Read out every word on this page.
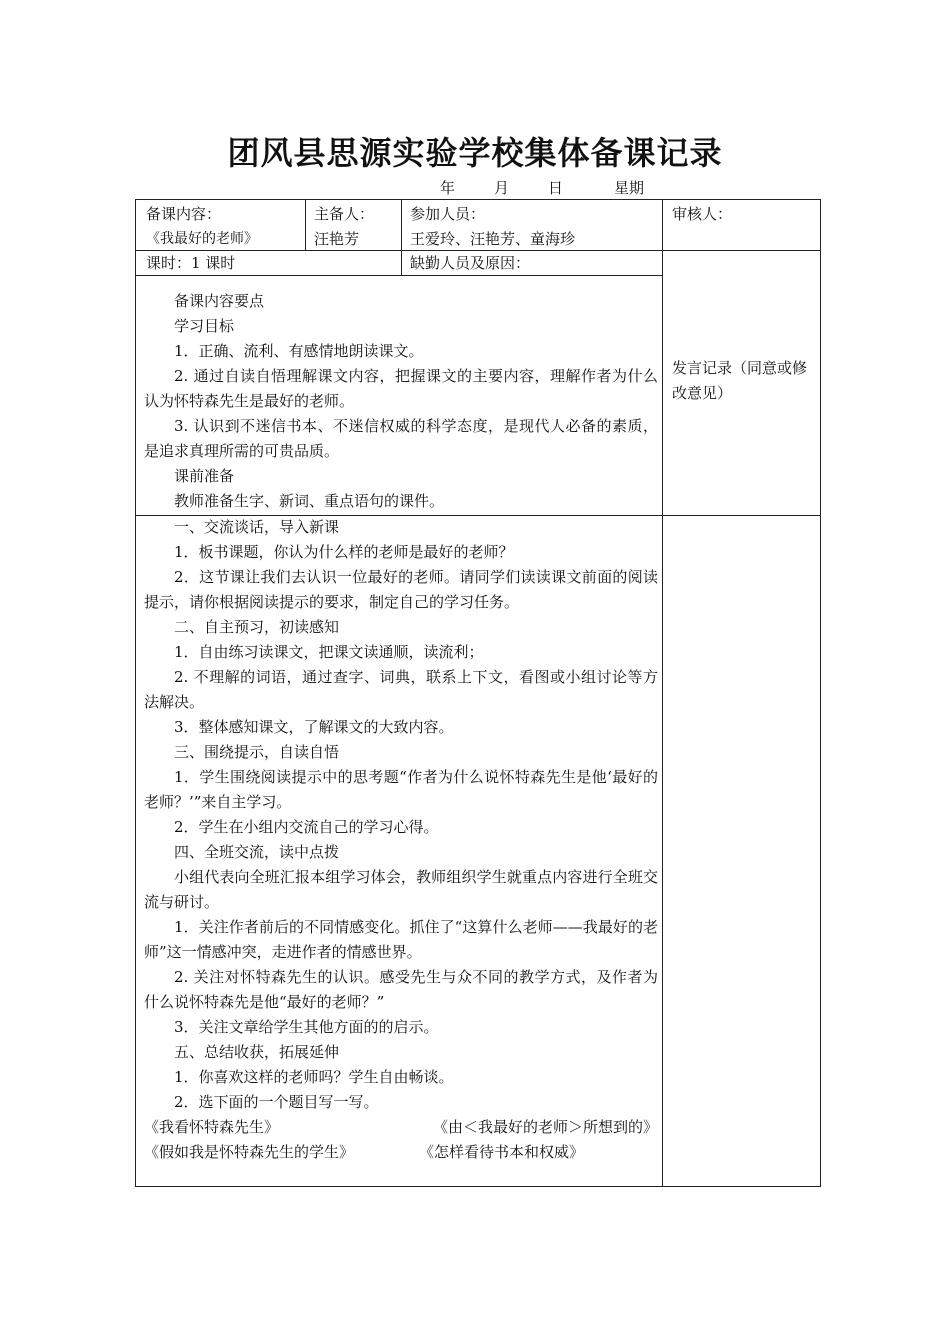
团风县思源实验学校集体备课记录
年	月	日	星期
备课内容：
《我最好的老师》
主备人：
汪艳芳
参加人员：
王爱玲、汪艳芳、童海珍
审核人：
课时：1 课时	缺勤人员及原因：
发言记录（同意或修改意见）

备课内容要点

学习目标

1．正确、流利、有感情地朗读课文。

2. 通过自读自悟理解课文内容，把握课文的主要内容，理解作者为什么认为怀特森先生是最好的老师。

3. 认识到不迷信书本、不迷信权威的科学态度，是现代人必备的素质，是追求真理所需的可贵品质。

课前准备

教师准备生字、新词、重点语句的课件。

一、交流谈话，导入新课

1．板书课题，你认为什么样的老师是最好的老师？

2．这节课让我们去认识一位最好的老师。请同学们读读课文前面的阅读提示，请你根据阅读提示的要求，制定自己的学习任务。

二、自主预习，初读感知

1．自由练习读课文，把课文读通顺，读流利；

2. 不理解的词语，通过查字、词典，联系上下文，看图或小组讨论等方法解决。

3．整体感知课文，了解课文的大致内容。

三、围绕提示，自读自悟

1．学生围绕阅读提示中的思考题“作者为什么说怀特森先生是他‘最好的老师？’”来自主学习。

2．学生在小组内交流自己的学习心得。

四、全班交流，读中点拨

小组代表向全班汇报本组学习体会，教师组织学生就重点内容进行全班交流与研讨。

1．关注作者前后的不同情感变化。抓住了“这算什么老师——我最好的老师”这一情感冲突，走进作者的情感世界。

2. 关注对怀特森先生的认识。感受先生与众不同的教学方式，及作者为什么说怀特森先是他“最好的老师？”

3．关注文章给学生其他方面的的启示。

五、总结收获，拓展延伸

1．你喜欢这样的老师吗？学生自由畅谈。

2．选下面的一个题目写一写。

《我看怀特森先生》	《由＜我最好的老师＞所想到的》
《假如我是怀特森先生的学生》	《怎样看待书本和权威》
